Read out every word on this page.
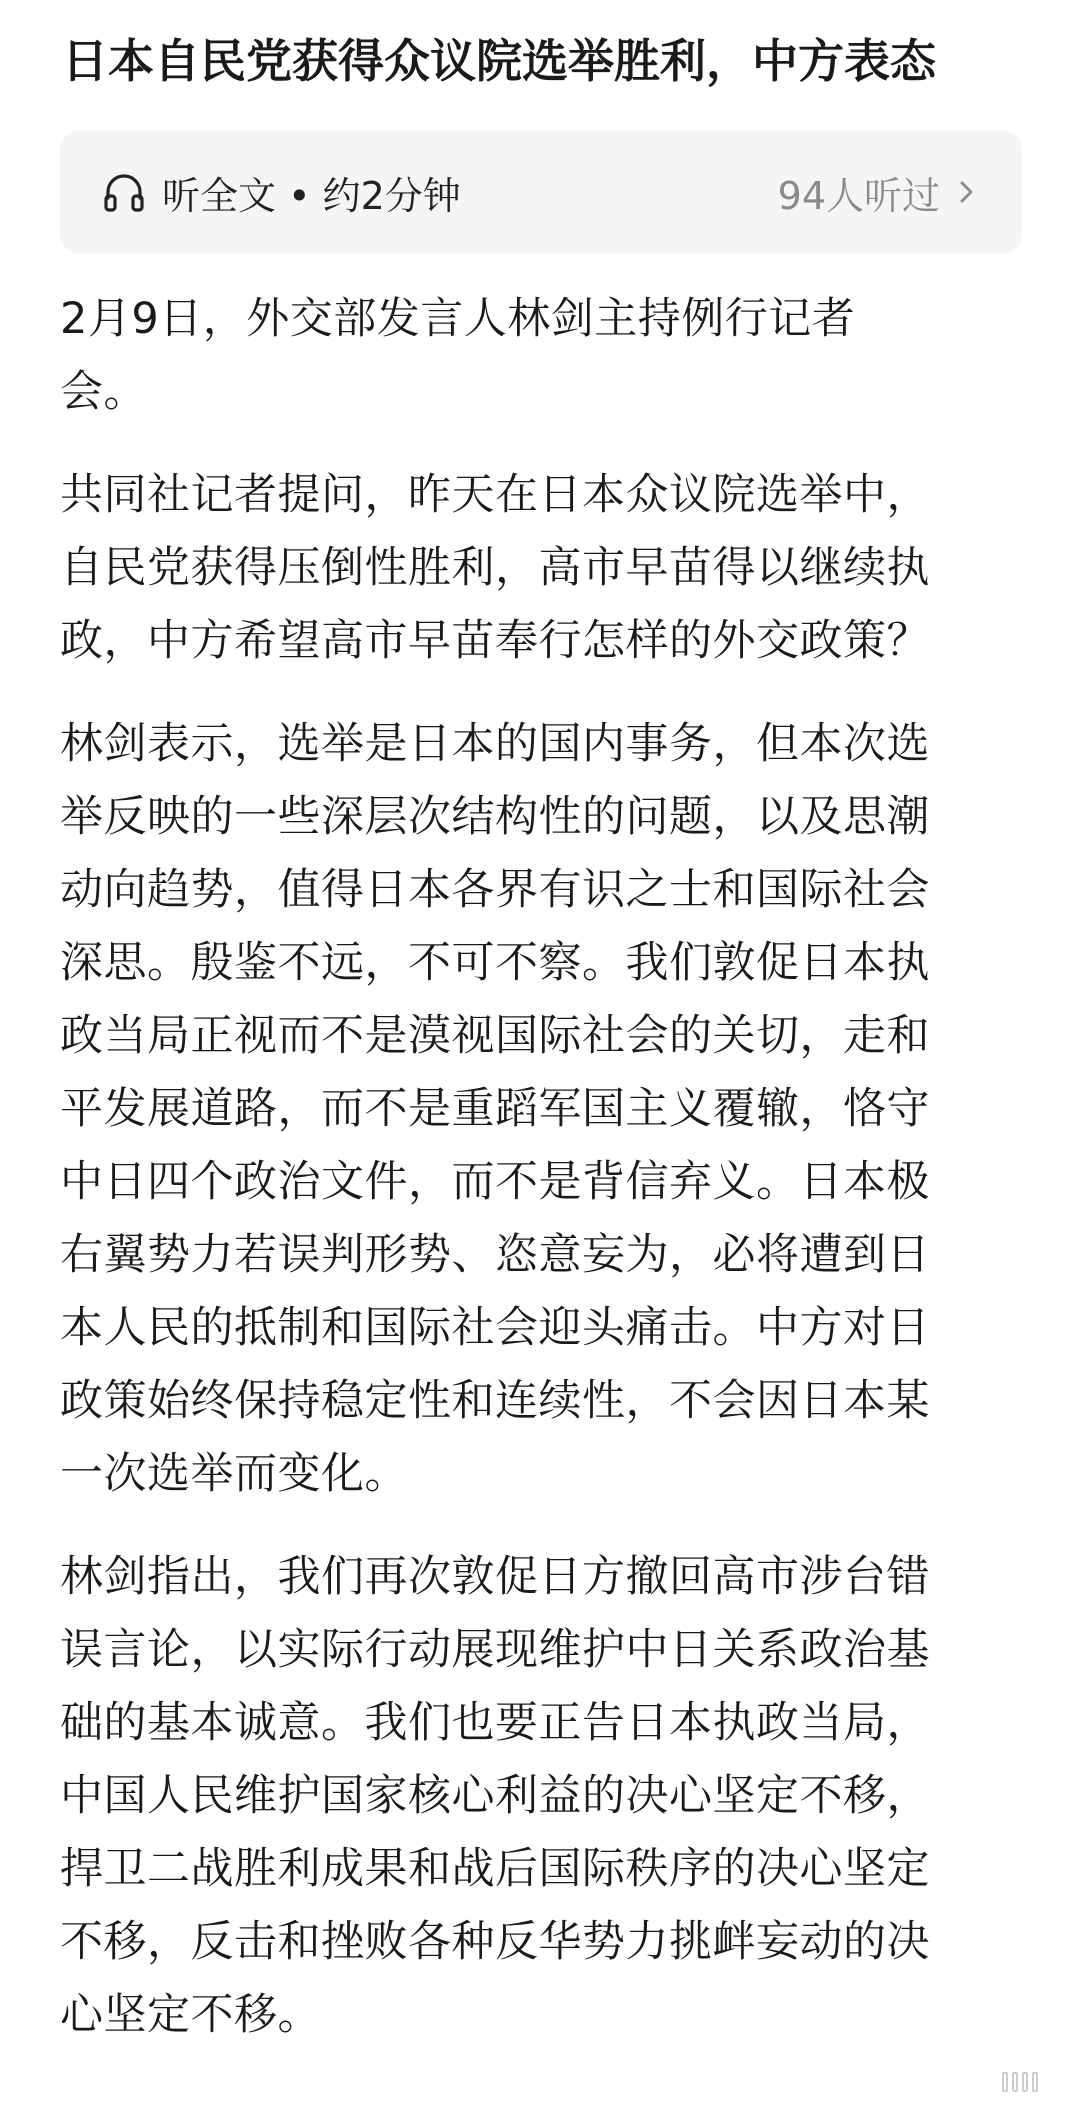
日本自民党获得众议院选举胜利，中方表态
听全文 • 约2分钟	94人听过
2月9日，外交部发言人林剑主持例行记者
会。
共同社记者提问，昨天在日本众议院选举中，
自民党获得压倒性胜利，高市早苗得以继续执
政，中方希望高市早苗奉行怎样的外交政策？
林剑表示，选举是日本的国内事务，但本次选
举反映的一些深层次结构性的问题，以及思潮
动向趋势，值得日本各界有识之士和国际社会
深思。殷鉴不远，不可不察。我们敦促日本执
政当局正视而不是漠视国际社会的关切，走和
平发展道路，而不是重蹈军国主义覆辙，恪守
中日四个政治文件，而不是背信弃义。日本极
右翼势力若误判形势、恣意妄为，必将遭到日
本人民的抵制和国际社会迎头痛击。中方对日
政策始终保持稳定性和连续性，不会因日本某
一次选举而变化。
林剑指出，我们再次敦促日方撤回高市涉台错
误言论，以实际行动展现维护中日关系政治基
础的基本诚意。我们也要正告日本执政当局，
中国人民维护国家核心利益的决心坚定不移，
捍卫二战胜利成果和战后国际秩序的决心坚定
不移，反击和挫败各种反华势力挑衅妄动的决
心坚定不移。
